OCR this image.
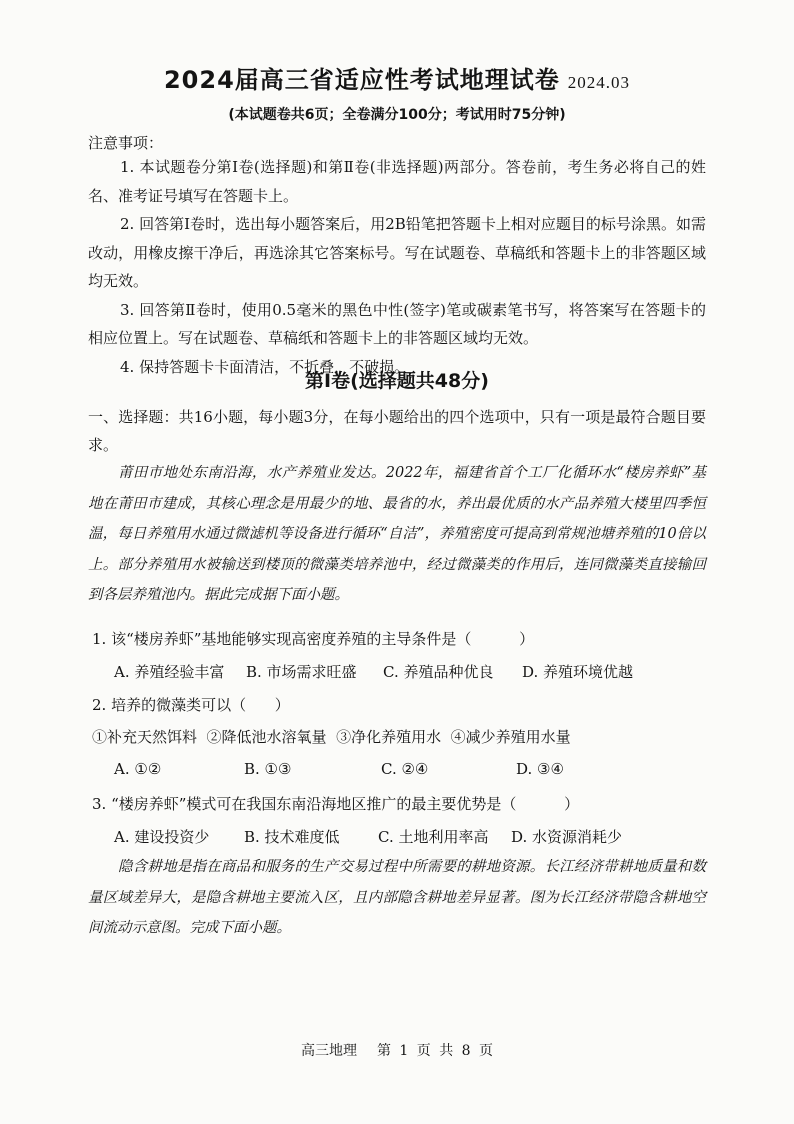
2024届高三省适应性考试地理试卷 2024.03
(本试题卷共6页；全卷满分100分；考试用时75分钟)
注意事项：

1. 本试题卷分第Ⅰ卷(选择题)和第Ⅱ卷(非选择题)两部分。答卷前，考生务必将自己的姓名、准考证号填写在答题卡上。

2. 回答第Ⅰ卷时，选出每小题答案后，用2B铅笔把答题卡上相对应题目的标号涂黑。如需改动，用橡皮擦干净后，再选涂其它答案标号。写在试题卷、草稿纸和答题卡上的非答题区域均无效。

3. 回答第Ⅱ卷时，使用0.5毫米的黑色中性(签字)笔或碳素笔书写，将答案写在答题卡的相应位置上。写在试题卷、草稿纸和答题卡上的非答题区域均无效。

4. 保持答题卡卡面清洁，不折叠，不破损。

第Ⅰ卷(选择题共48分)
一、选择题：共16小题，每小题3分，在每小题给出的四个选项中，只有一项是最符合题目要求。

莆田市地处东南沿海，水产养殖业发达。2022年，福建省首个工厂化循环水“楼房养虾”基地在莆田市建成，其核心理念是用最少的地、最省的水，养出最优质的水产品养殖大楼里四季恒温，每日养殖用水通过微滤机等设备进行循环“自洁”，养殖密度可提高到常规池塘养殖的10倍以上。部分养殖用水被输送到楼顶的微藻类培养池中，经过微藻类的作用后，连同微藻类直接输回到各层养殖池内。据此完成据下面小题。

1. 该“楼房养虾”基地能够实现高密度养殖的主导条件是（          ）
A. 养殖经验丰富	B. 市场需求旺盛	C. 养殖品种优良	D. 养殖环境优越
2. 培养的微藻类可以（      ）
①补充天然饵料  ②降低池水溶氧量  ③净化养殖用水  ④减少养殖用水量
A. ①②	B. ①③	C. ②④	D. ③④
3. “楼房养虾”模式可在我国东南沿海地区推广的最主要优势是（          ）
A. 建设投资少	B. 技术难度低	C. 土地利用率高	D. 水资源消耗少

隐含耕地是指在商品和服务的生产交易过程中所需要的耕地资源。长江经济带耕地质量和数量区域差异大，是隐含耕地主要流入区，且内部隐含耕地差异显著。图为长江经济带隐含耕地空间流动示意图。完成下面小题。

高三地理 第 1 页 共 8 页
